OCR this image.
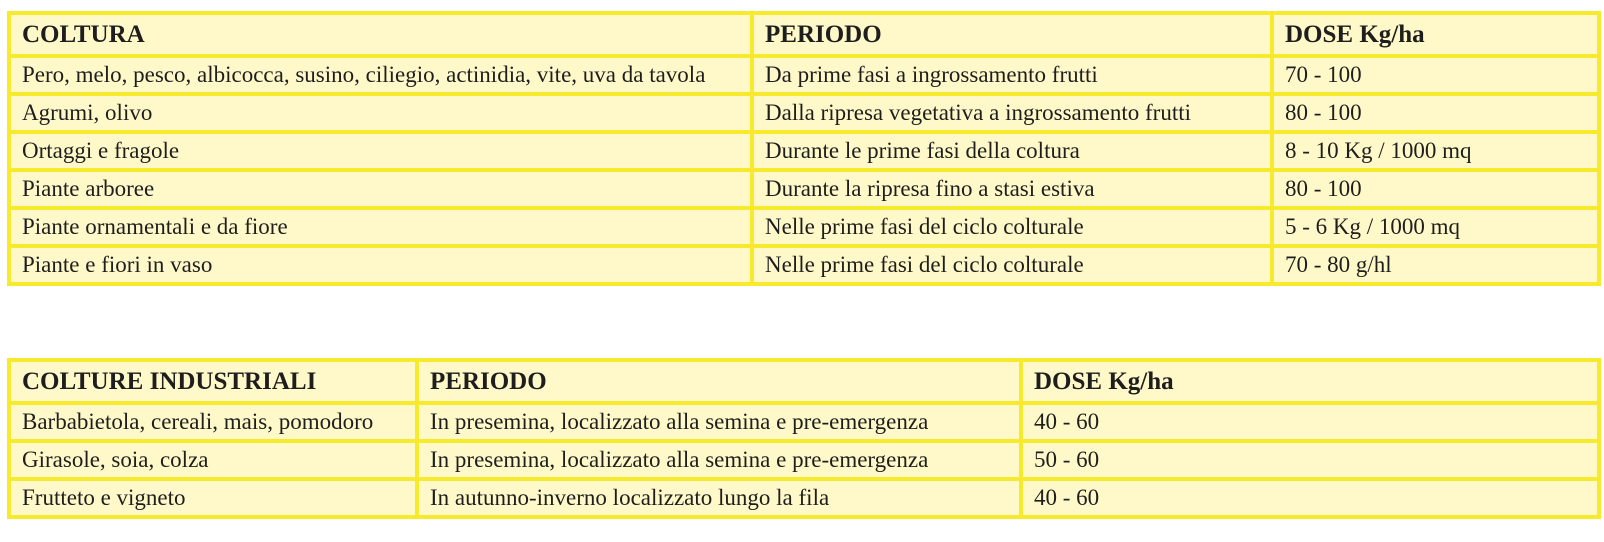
COLTURA	PERIODO	DOSE Kg/ha
Pero, melo, pesco, albicocca, susino, ciliegio, actinidia, vite, uva da tavola	Da prime fasi a ingrossamento frutti	70 - 100
Agrumi, olivo	Dalla ripresa vegetativa a ingrossamento frutti	80 - 100
Ortaggi e fragole	Durante le prime fasi della coltura	8 - 10 Kg / 1000 mq
Piante arboree	Durante la ripresa fino a stasi estiva	80 - 100
Piante ornamentali e da fiore	Nelle prime fasi del ciclo colturale	5 - 6 Kg / 1000 mq
Piante e fiori in vaso	Nelle prime fasi del ciclo colturale	70 - 80 g/hl
COLTURE INDUSTRIALI	PERIODO	DOSE Kg/ha
Barbabietola, cereali, mais, pomodoro	In presemina, localizzato alla semina e pre-emergenza	40 - 60
Girasole, soia, colza	In presemina, localizzato alla semina e pre-emergenza	50 - 60
Frutteto e vigneto	In autunno-inverno localizzato lungo la fila	40 - 60
